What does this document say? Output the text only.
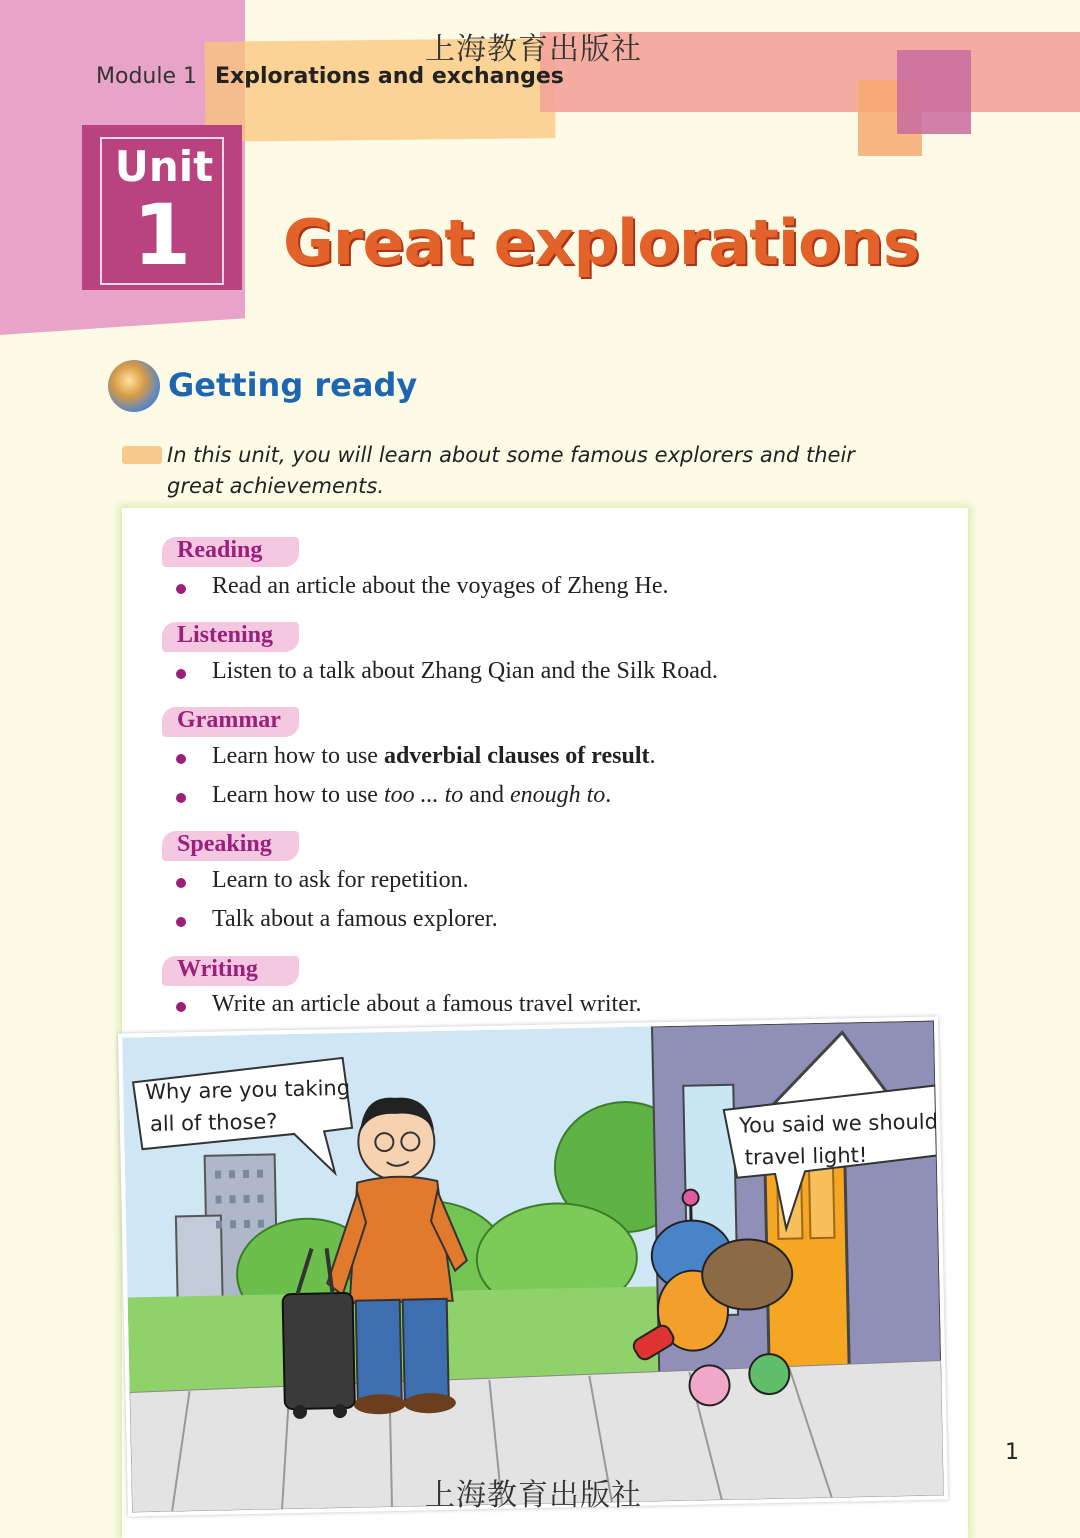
上海教育出版社
Module 1 Explorations and exchanges
Unit
1	Great explorations
Getting ready
In this unit, you will learn about some famous explorers and their great achievements.
Reading
Read an article about the voyages of Zheng He.
Listening
Listen to a talk about Zhang Qian and the Silk Road.
Grammar
Learn how to use adverbial clauses of result.
Learn how to use too ... to and enough to.
Speaking
Learn to ask for repetition.
Talk about a famous explorer.
Writing
Write an article about a famous travel writer.
Why are you taking
all of those?	You said we should
travel light!
1
上海教育出版社
